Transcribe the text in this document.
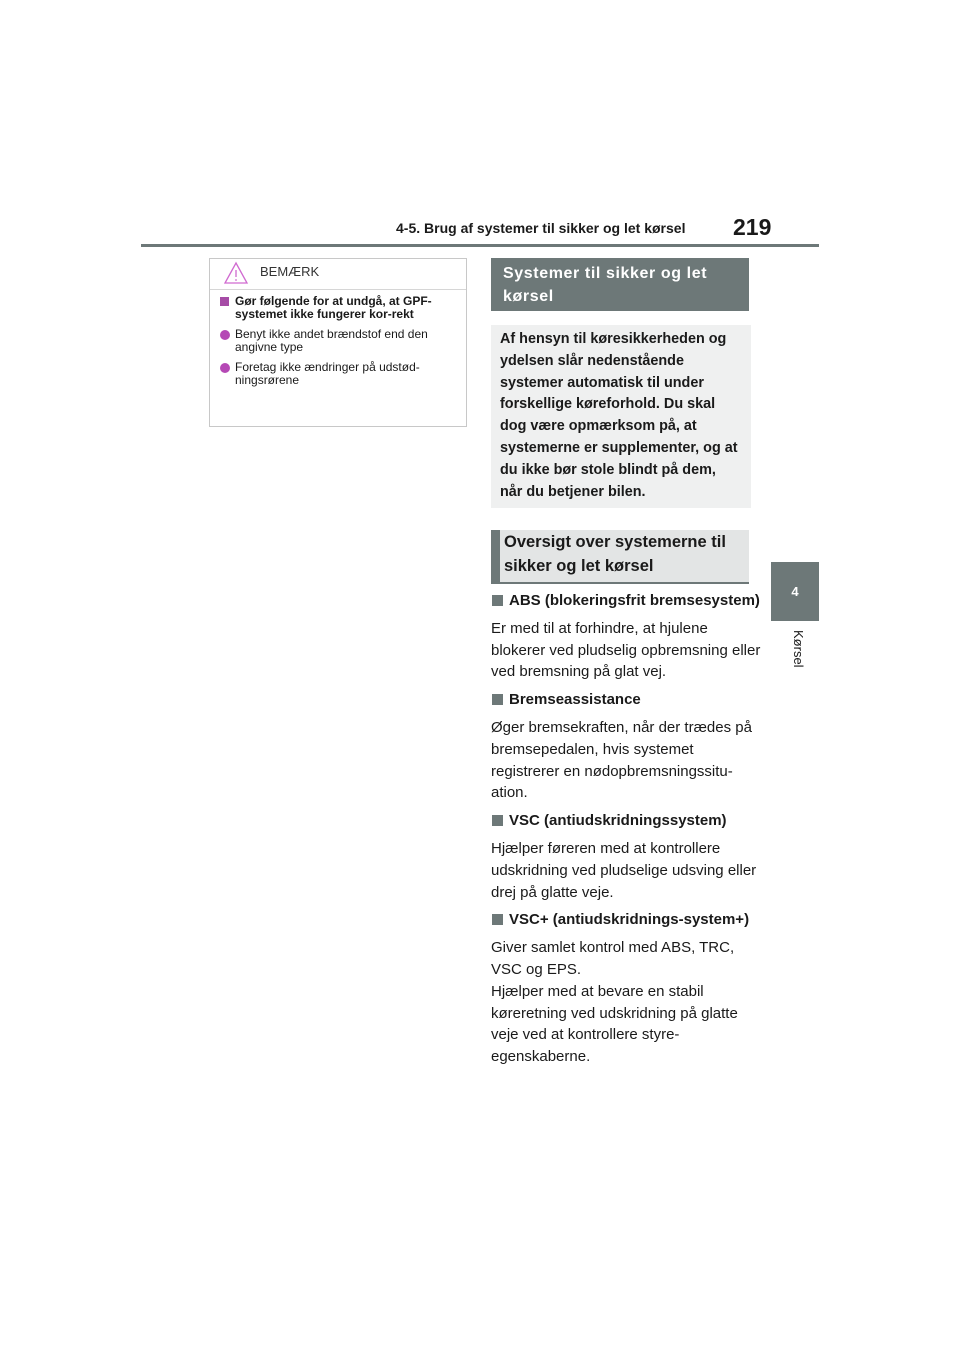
4-5. Brug af systemer til sikker og let kørsel 219
4
Kørsel
BEMÆRK
Gør følgende for at undgå, at GPF-systemet ikke fungerer kor-rekt
Benyt ikke andet brændstof end den angivne type
Foretag ikke ændringer på udstød-ningsrørene
Systemer til sikker og let kørsel
Af hensyn til køresikkerheden og ydelsen slår nedenstående systemer automatisk til under forskellige køreforhold. Du skal dog være opmærksom på, at systemerne er supplementer, og at du ikke bør stole blindt på dem, når du betjener bilen.
Oversigt over systemerne til sikker og let kørsel
ABS (blokeringsfrit bremsesystem)
Er med til at forhindre, at hjulene blokerer ved pludselig opbremsning eller ved bremsning på glat vej.
Bremseassistance
Øger bremsekraften, når der trædes på bremsepedalen, hvis systemet registrerer en nødopbremsningssitu-ation.
VSC (antiudskridningssystem)
Hjælper føreren med at kontrollere udskridning ved pludselige udsving eller drej på glatte veje.
VSC+ (antiudskridnings-system+)
Giver samlet kontrol med ABS, TRC, VSC og EPS.
Hjælper med at bevare en stabil køreretning ved udskridning på glatte veje ved at kontrollere styre-egenskaberne.
